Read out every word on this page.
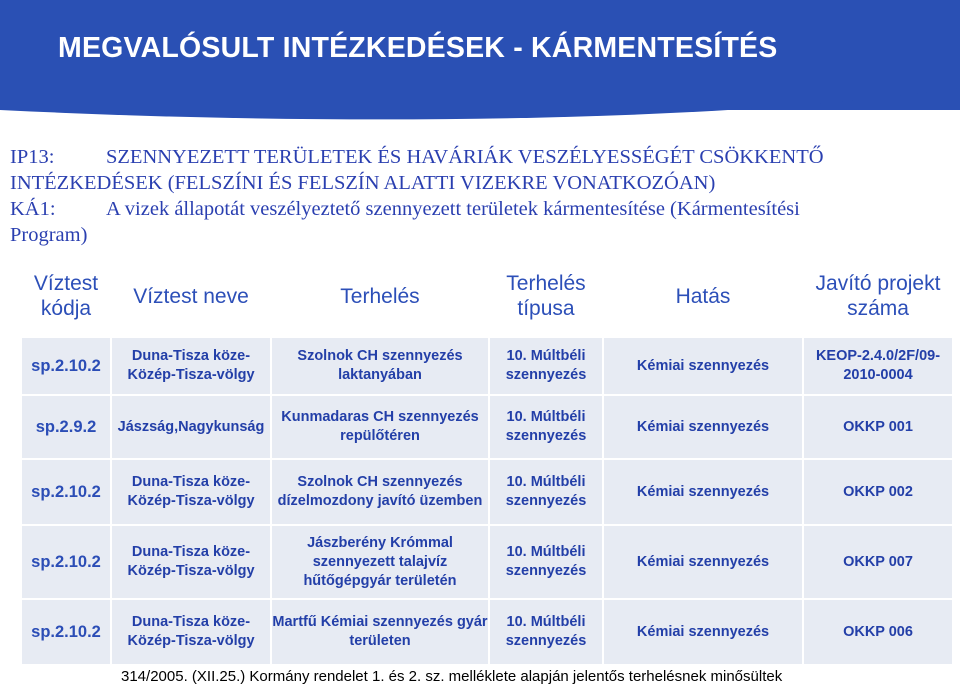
MEGVALÓSULT INTÉZKEDÉSEK - KÁRMENTESÍTÉS
IP13:	SZENNYEZETT TERÜLETEK ÉS HAVÁRIÁK VESZÉLYESSÉGÉT CSÖKKENTŐ
INTÉZKEDÉSEK (FELSZÍNI ÉS FELSZÍN ALATTI VIZEKRE VONATKOZÓAN)
KÁ1: A vizek állapotát veszélyeztető szennyezett területek kármentesítése (Kármentesítési
Program)
Víztest kódja	Víztest neve	Terhelés	Terhelés típusa	Hatás	Javító projekt száma
sp.2.10.2	Duna-Tisza köze-
Közép-Tisza-völgy	Szolnok CH szennyezés
laktanyában	10. Múltbéli
szennyezés	Kémiai szennyezés	KEOP-2.4.0/2F/09-
2010-0004
sp.2.9.2	Jászság,Nagykunság	Kunmadaras CH szennyezés
repülőtéren	10. Múltbéli
szennyezés	Kémiai szennyezés	OKKP 001
sp.2.10.2	Duna-Tisza köze-
Közép-Tisza-völgy	Szolnok CH szennyezés
dízelmozdony javító üzemben	10. Múltbéli
szennyezés	Kémiai szennyezés	OKKP 002
sp.2.10.2	Duna-Tisza köze-
Közép-Tisza-völgy	Jászberény Krómmal
szennyezett talajvíz
hűtőgépgyár területén	10. Múltbéli
szennyezés	Kémiai szennyezés	OKKP 007
sp.2.10.2	Duna-Tisza köze-
Közép-Tisza-völgy	Martfű Kémiai szennyezés gyár
területen	10. Múltbéli
szennyezés	Kémiai szennyezés	OKKP 006
314/2005. (XII.25.) Kormány rendelet 1. és 2. sz. melléklete alapján jelentős terhelésnek minősültek
